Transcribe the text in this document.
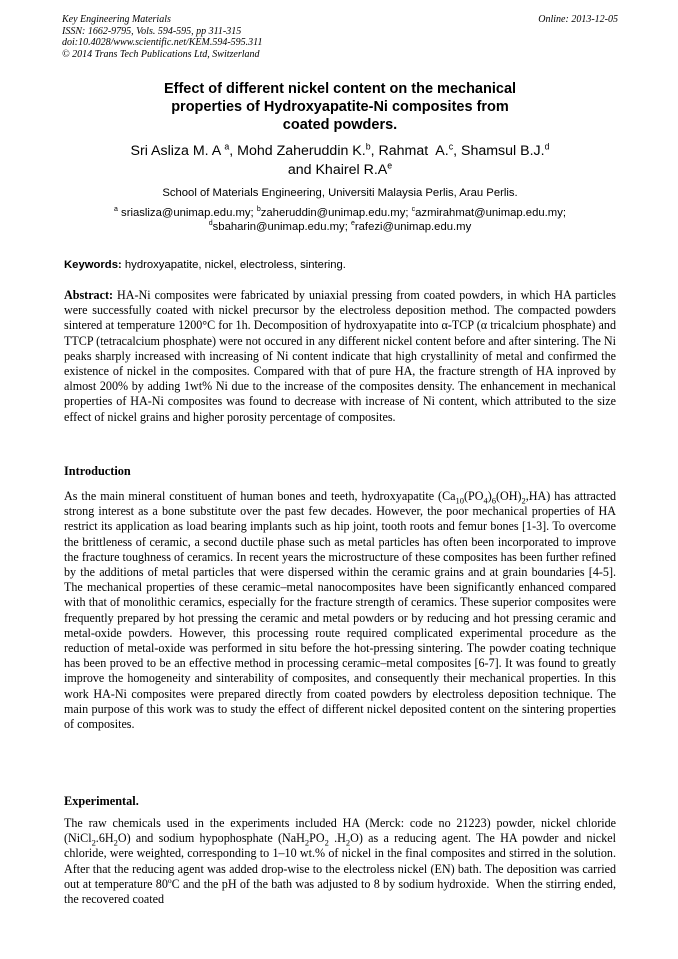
Key Engineering Materials
ISSN: 1662-9795, Vols. 594-595, pp 311-315
doi:10.4028/www.scientific.net/KEM.594-595.311
© 2014 Trans Tech Publications Ltd, Switzerland
Online: 2013-12-05
Effect of different nickel content on the mechanical
properties of Hydroxyapatite-Ni composites from
coated powders.
Sri Asliza M. A $^a$, Mohd Zaheruddin K.$^b$, Rahmat  A.$^c$, Shamsul B.J.$^d$
and Khairel $R.A^e$
School of Materials Engineering, Universiti Malaysia Perlis, Arau Perlis.
$^a$ sriasliza@unimap.edu.my; $^b$zaheruddin@unimap.edu.my; $^c$azmirahmat@unimap.edu.my;
$^d$sbaharin@unimap.edu.my; $^e$rafezi@unimap.edu.my
Keywords: hydroxyapatite, nickel, electroless, sintering.
Abstract: HA-Ni composites were fabricated by uniaxial pressing from coated powders, in which HA particles were successfully coated with nickel precursor by the electroless deposition method. The compacted powders sintered at temperature 1200°C for 1h. Decomposition of hydroxyapatite into α-TCP (α tricalcium phosphate) and TTCP (tetracalcium phosphate) were not occured in any different nickel content before and after sintering. The Ni peaks sharply increased with increasing of Ni content indicate that high crystallinity of metal and confirmed the existence of nickel in the composites. Compared with that of pure HA, the fracture strength of HA inproved by almost 200% by adding 1wt% Ni due to the increase of the composites density. The enhancement in mechanical properties of HA-Ni composites was found to decrease with increase of Ni content, which attributed to the size effect of nickel grains and higher porosity percentage of composites.
Introduction
As the main mineral constituent of human bones and teeth, hydroxyapatite $(Ca_{10}(PO_4)_6(OH)_2,HA)$ has attracted strong interest as a bone substitute over the past few decades. However, the poor mechanical properties of HA restrict its application as load bearing implants such as hip joint, tooth roots and femur bones [1-3]. To overcome the brittleness of ceramic, a second ductile phase such as metal particles has often been incorporated to improve the fracture toughness of ceramics. In recent years the microstructure of these composites has been further refined by the additions of metal particles that were dispersed within the ceramic grains and at grain boundaries [4-5]. The mechanical properties of these ceramic–metal nanocomposites have been significantly enhanced compared with that of monolithic ceramics, especially for the fracture strength of ceramics. These superior composites were frequently prepared by hot pressing the ceramic and metal powders or by reducing and hot pressing ceramic and metal-oxide powders. However, this processing route required complicated experimental procedure as the reduction of metal-oxide was performed in situ before the hot-pressing sintering. The powder coating technique has been proved to be an effective method in processing ceramic–metal composites [6-7]. It was found to greatly improve the homogeneity and sinterability of composites, and consequently their mechanical properties. In this work HA-Ni composites were prepared directly from coated powders by electroless deposition technique. The main purpose of this work was to study the effect of different nickel deposited content on the sintering properties of composites.
Experimental.
The raw chemicals used in the experiments included HA (Merck: code no 21223) powder, nickel chloride $(NiCl_2.6H_2O)$ and sodium hypophosphate ($NaH_2PO_2$ $.H_2O$) as a reducing agent. The HA powder and nickel chloride, were weighted, corresponding to 1–10 wt.% of nickel in the final composites and stirred in the solution. After that the reducing agent was added drop-wise to the electroless nickel (EN) bath. The deposition was carried out at temperature 80$^o$C and the pH of the bath was adjusted to 8 by sodium hydroxide.  When the stirring ended, the recovered coated
